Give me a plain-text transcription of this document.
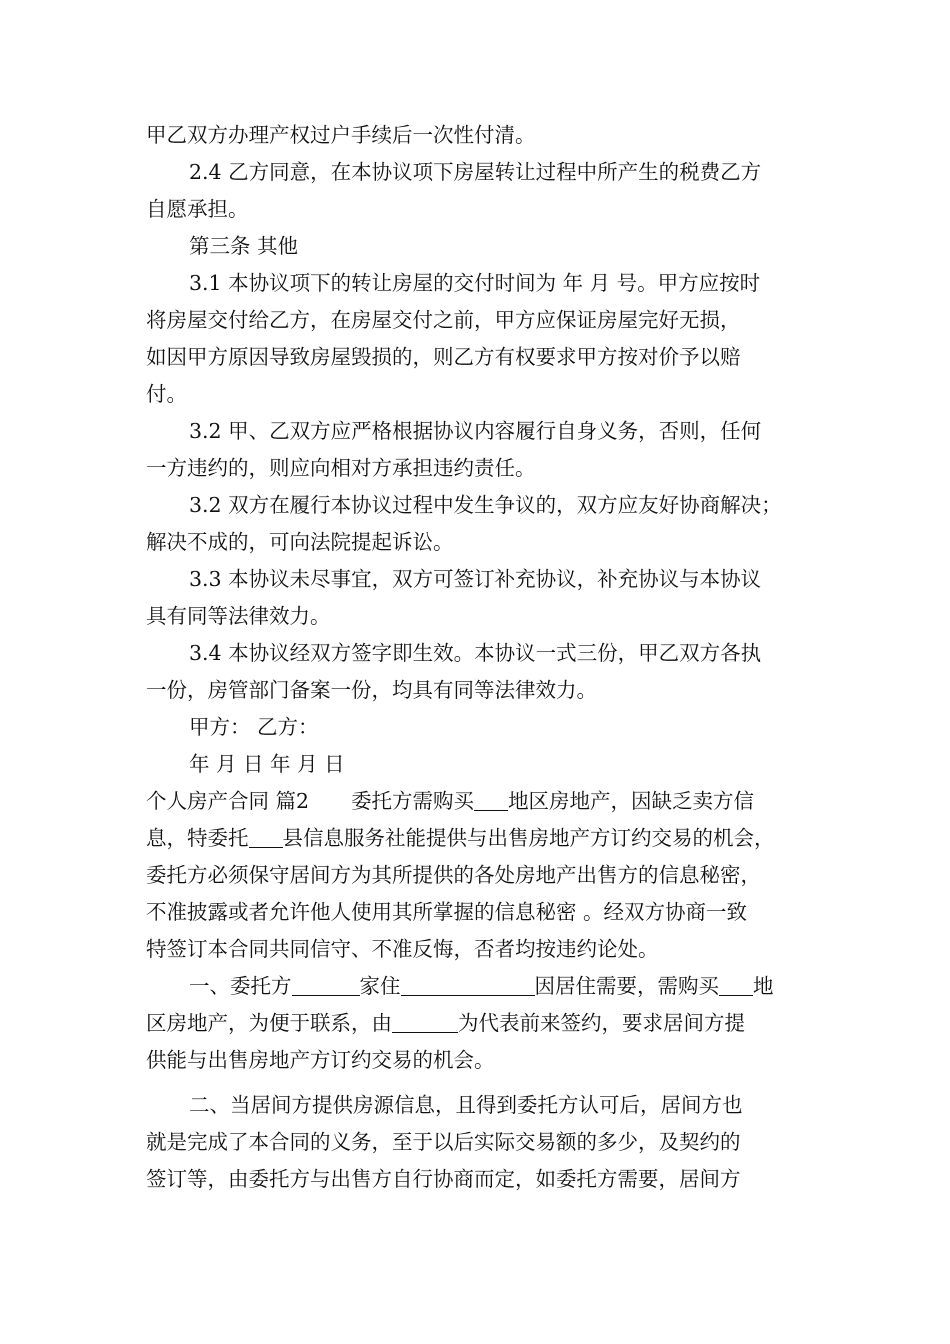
甲乙双方办理产权过户手续后一次性付清。
2.4 乙方同意，在本协议项下房屋转让过程中所产生的税费乙方
自愿承担。
第三条 其他
3.1 本协议项下的转让房屋的交付时间为 年 月 号。甲方应按时
将房屋交付给乙方，在房屋交付之前，甲方应保证房屋完好无损，
如因甲方原因导致房屋毁损的，则乙方有权要求甲方按对价予以赔
付。
3.2 甲、乙双方应严格根据协议内容履行自身义务，否则，任何
一方违约的，则应向相对方承担违约责任。
3.2 双方在履行本协议过程中发生争议的，双方应友好协商解决；
解决不成的，可向法院提起诉讼。
3.3 本协议未尽事宜，双方可签订补充协议，补充协议与本协议
具有同等法律效力。
3.4 本协议经双方签字即生效。本协议一式三份，甲乙双方各执
一份，房管部门备案一份，均具有同等法律效力。
甲方： 乙方：
年 月 日 年 月 日
个人房产合同 篇2 委托方需购买 地区房地产，因缺乏卖方信
息，特委托 县信息服务社能提供与出售房地产方订约交易的机会，
委托方必须保守居间方为其所提供的各处房地产出售方的信息秘密，
不准披露或者允许他人使用其所掌握的信息秘密 。经双方协商一致
特签订本合同共同信守、不准反悔，否者均按违约论处。
一、委托方	家住	因居住需要，需购买 地
区房地产，为便于联系，由	为代表前来签约，要求居间方提
供能与出售房地产方订约交易的机会。
二、当居间方提供房源信息，且得到委托方认可后，居间方也
就是完成了本合同的义务，至于以后实际交易额的多少，及契约的
签订等，由委托方与出售方自行协商而定，如委托方需要，居间方
